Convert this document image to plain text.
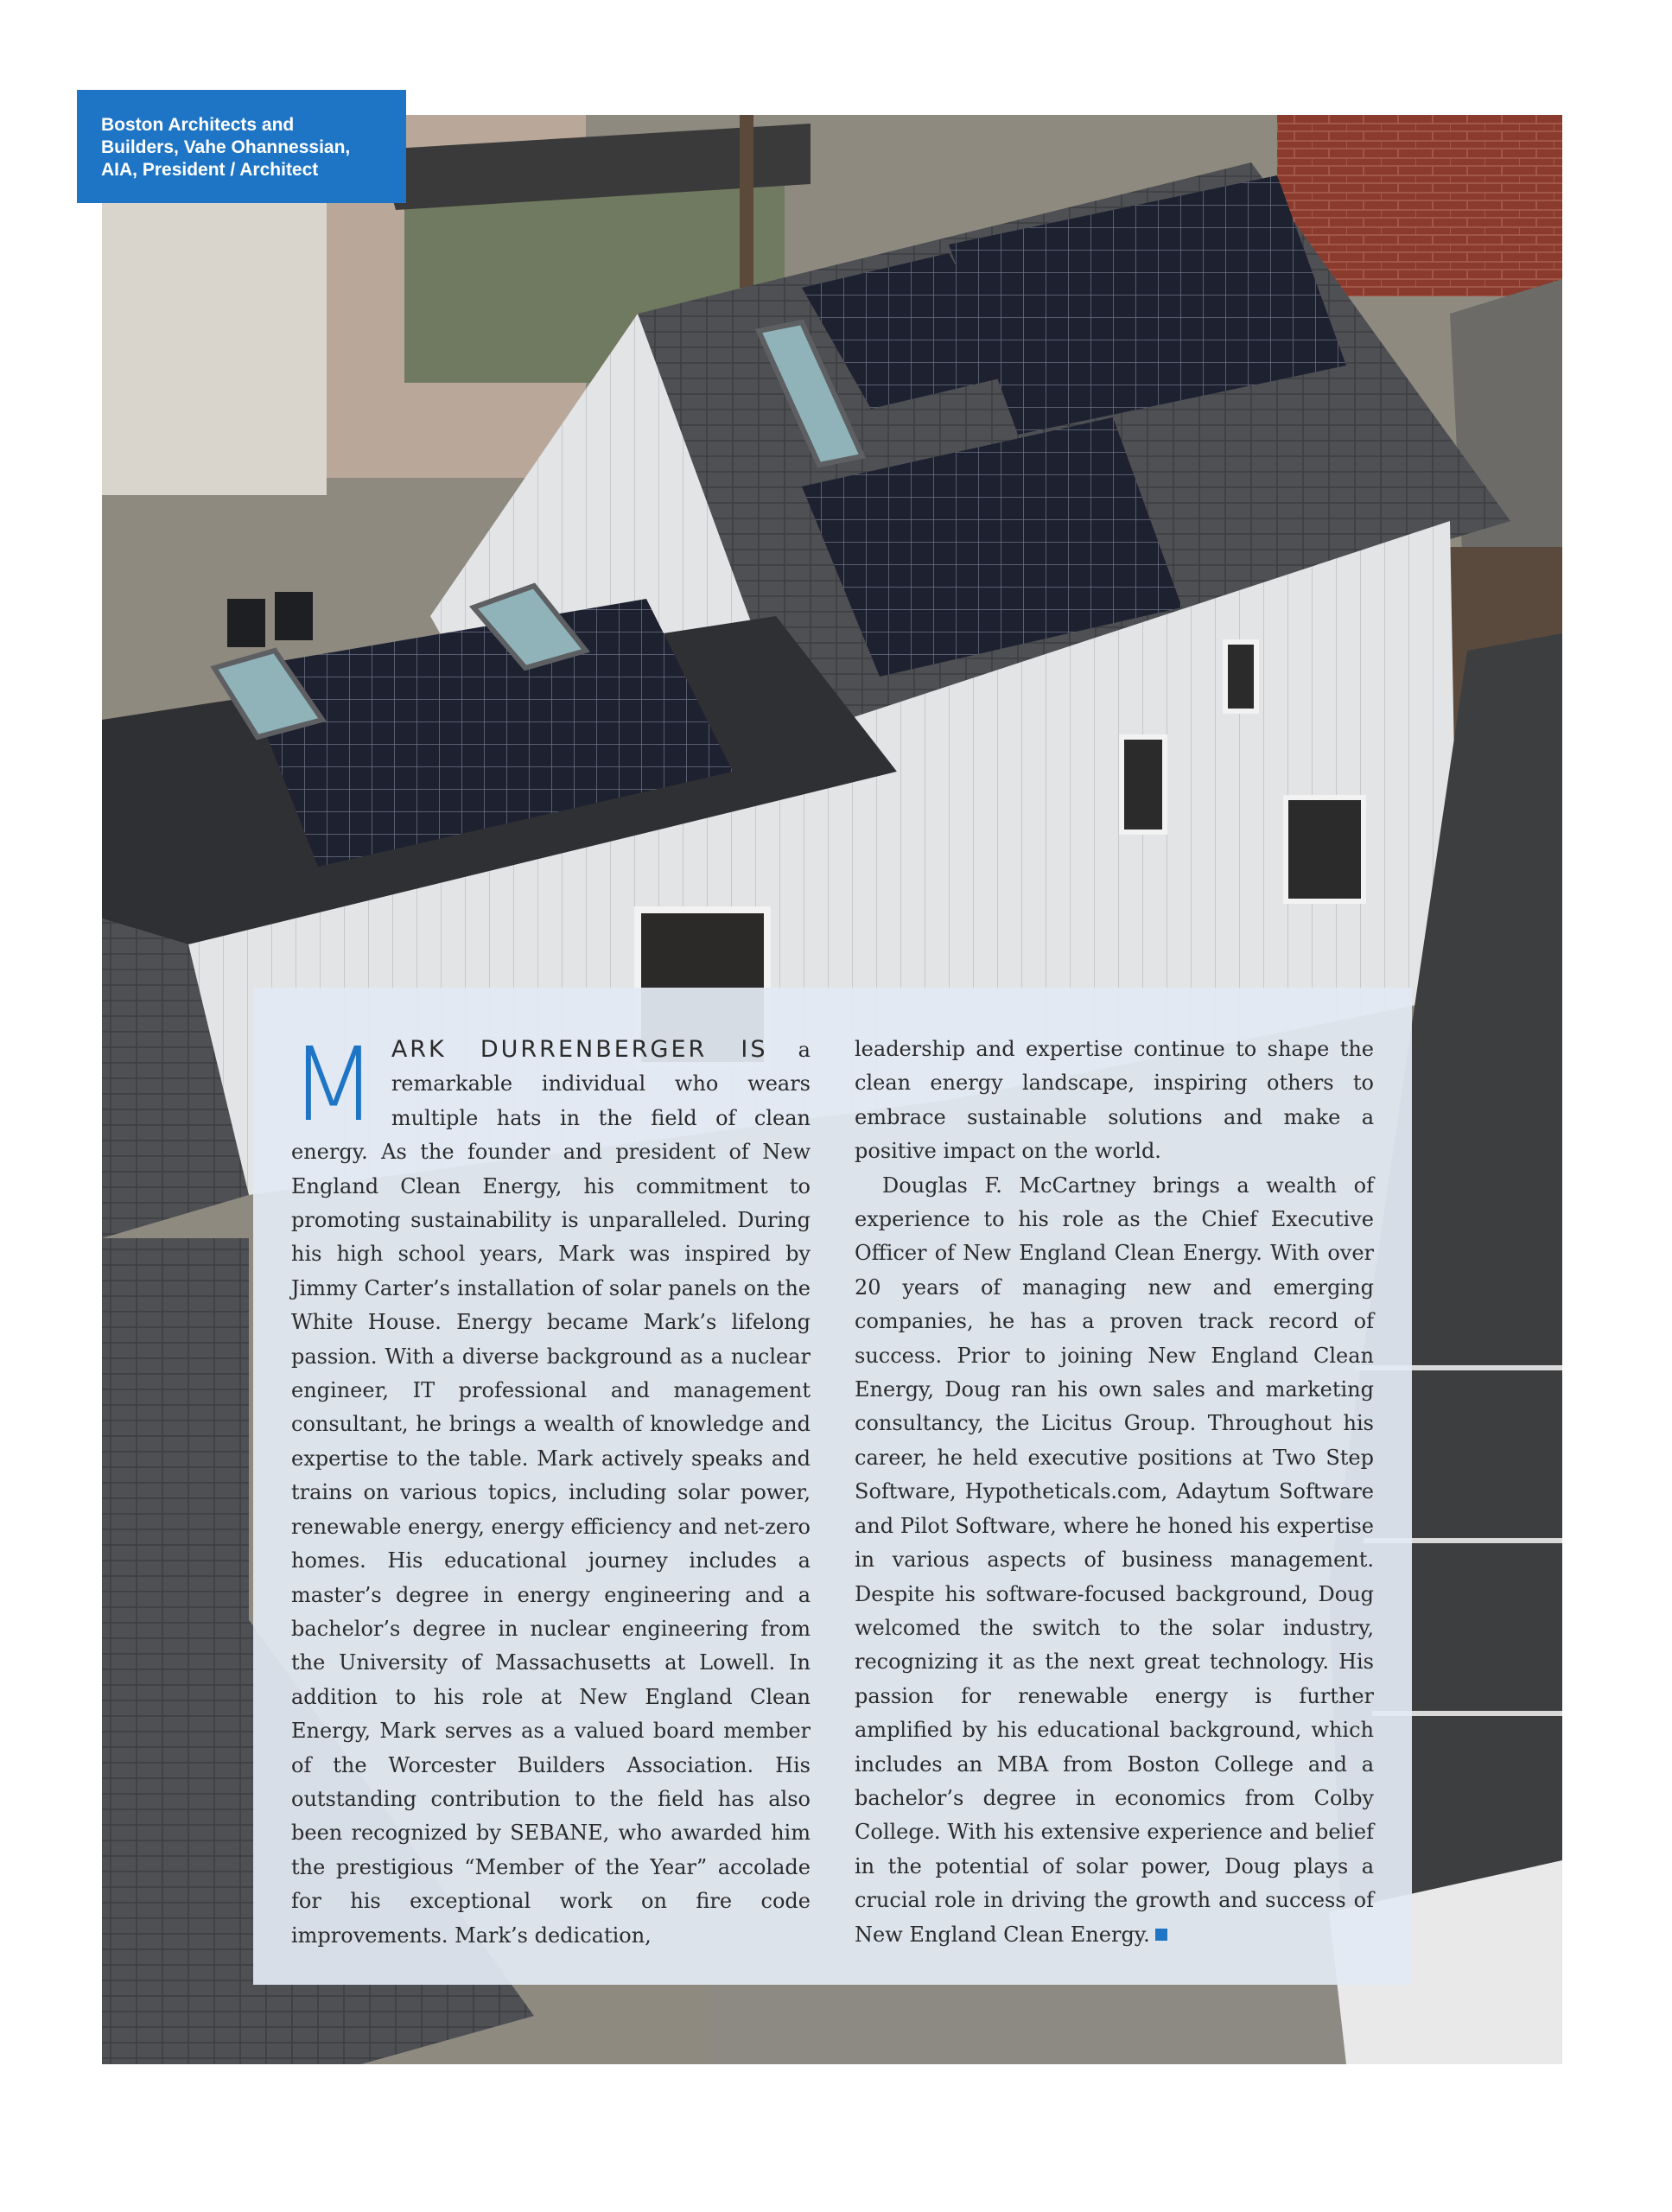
Boston Architects and
Builders, Vahe Ohannessian,
AIA, President / Architect

MARK DURRENBERGER IS a remarkable individual who wears multiple hats in the field of clean energy. As the founder and president of New England Clean Energy, his commitment to promoting sustainability is unparalleled. During his high school years, Mark was inspired by Jimmy Carter’s installation of solar panels on the White House. Energy became Mark’s lifelong passion. With a diverse background as a nuclear engineer, IT professional and management consultant, he brings a wealth of knowledge and expertise to the table. Mark actively speaks and trains on various topics, including solar power, renewable energy, energy efficiency and net-zero homes. His educational journey includes a master’s degree in energy engineering and a bachelor’s degree in nuclear engineering from the University of Massachusetts at Lowell. In addition to his role at New England Clean Energy, Mark serves as a valued board member of the Worcester Builders Association. His outstanding contribution to the field has also been recognized by SEBANE, who awarded him the prestigious “Member of the Year” accolade for his exceptional work on fire code improvements. Mark’s dedication,

leadership and expertise continue to shape the clean energy landscape, inspiring others to embrace sustainable solutions and make a positive impact on the world.

Douglas F. McCartney brings a wealth of experience to his role as the Chief Executive Officer of New England Clean Energy. With over 20 years of managing new and emerging companies, he has a proven track record of success. Prior to joining New England Clean Energy, Doug ran his own sales and marketing consultancy, the Licitus Group. Throughout his career, he held executive positions at Two Step Software, Hypotheticals.com, Adaytum Software and Pilot Software, where he honed his expertise in various aspects of business management. Despite his software-focused background, Doug welcomed the switch to the solar industry, recognizing it as the next great technology. His passion for renewable energy is further amplified by his educational background, which includes an MBA from Boston College and a bachelor’s degree in economics from Colby College. With his extensive experience and belief in the potential of solar power, Doug plays a crucial role in driving the growth and success of New England Clean Energy.
